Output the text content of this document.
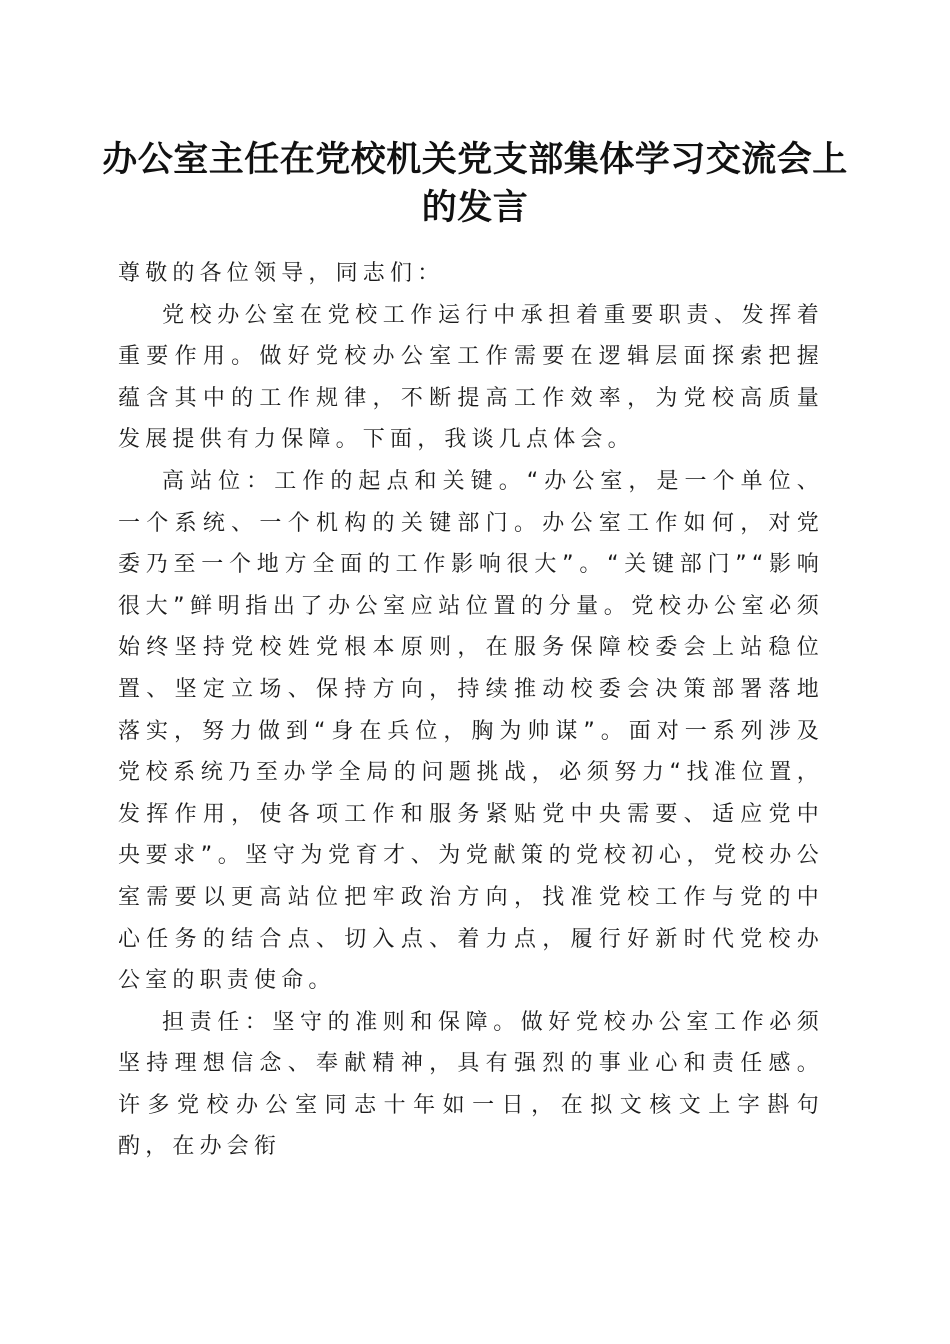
办公室主任在党校机关党支部集体学习交流会上的发言

尊敬的各位领导，同志们：

党校办公室在党校工作运行中承担着重要职责、发挥着重要作用。做好党校办公室工作需要在逻辑层面探索把握蕴含其中的工作规律，不断提高工作效率，为党校高质量发展提供有力保障。下面，我谈几点体会。

高站位：工作的起点和关键。“办公室，是一个单位、一个系统、一个机构的关键部门。办公室工作如何，对党委乃至一个地方全面的工作影响很大”。“关键部门”“影响很大”鲜明指出了办公室应站位置的分量。党校办公室必须始终坚持党校姓党根本原则，在服务保障校委会上站稳位置、坚定立场、保持方向，持续推动校委会决策部署落地落实，努力做到“身在兵位，胸为帅谋”。面对一系列涉及党校系统乃至办学全局的问题挑战，必须努力“找准位置，发挥作用，使各项工作和服务紧贴党中央需要、适应党中央要求”。坚守为党育才、为党献策的党校初心，党校办公室需要以更高站位把牢政治方向，找准党校工作与党的中心任务的结合点、切入点、着力点，履行好新时代党校办公室的职责使命。

担责任：坚守的准则和保障。做好党校办公室工作必须坚持理想信念、奉献精神，具有强烈的事业心和责任感。许多党校办公室同志十年如一日，在拟文核文上字斟句酌，在办会衔
